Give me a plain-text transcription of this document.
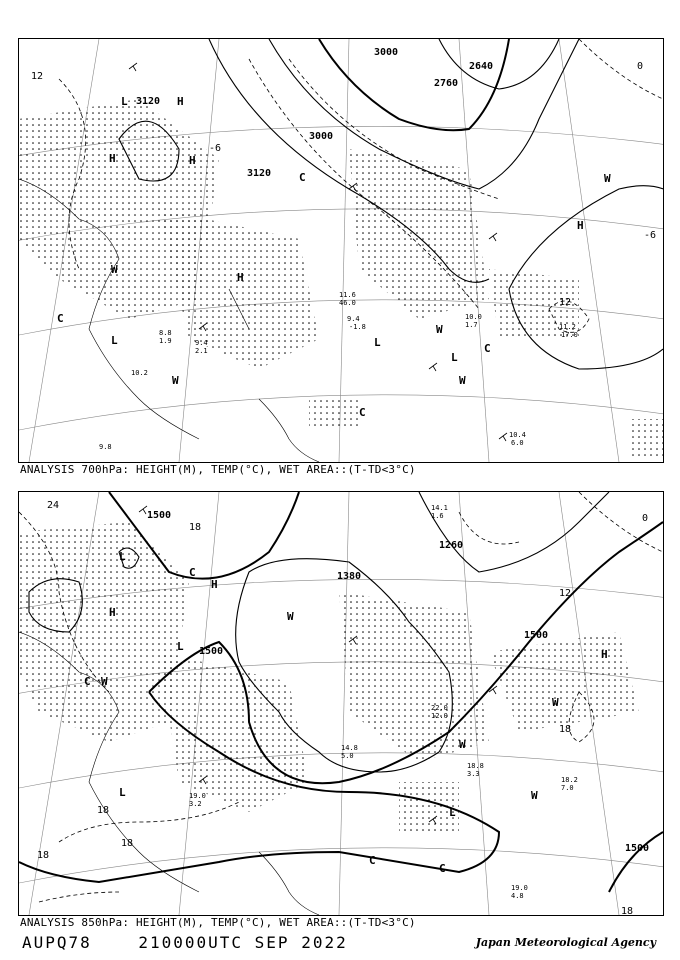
3120
3000
3120
2760
2640
3000
L	H
H	H
H
H
L	L
L
W
W
W
W
W
C
C
C
C
0
-6
12
12
-6
10.4
6.0
10.0
1.7	11.2
17.0
9.4
-1.8
11.6
46.0
8.8
1.9	9.4
2.1
10.2
9.8
ANALYSIS 700hPa: HEIGHT(M), TEMP(°C), WET AREA::(T-TD<3°C)
1500
1500
1380
1260
1500
1500
L
H
H
L
L
L
H
W
W
W
W
W
C
C
C
C
24
18
18
18
18
18
12
0
18
19.0
4.8
18.2
7.0
18.8
3.3
14.8
5.0
19.0
3.2
22.0
12.0
14.1
1.6
ANALYSIS 850hPa: HEIGHT(M), TEMP(°C), WET AREA::(T-TD<3°C)
AUPQ78	210000UTC SEP 2022	Japan Meteorological Agency
